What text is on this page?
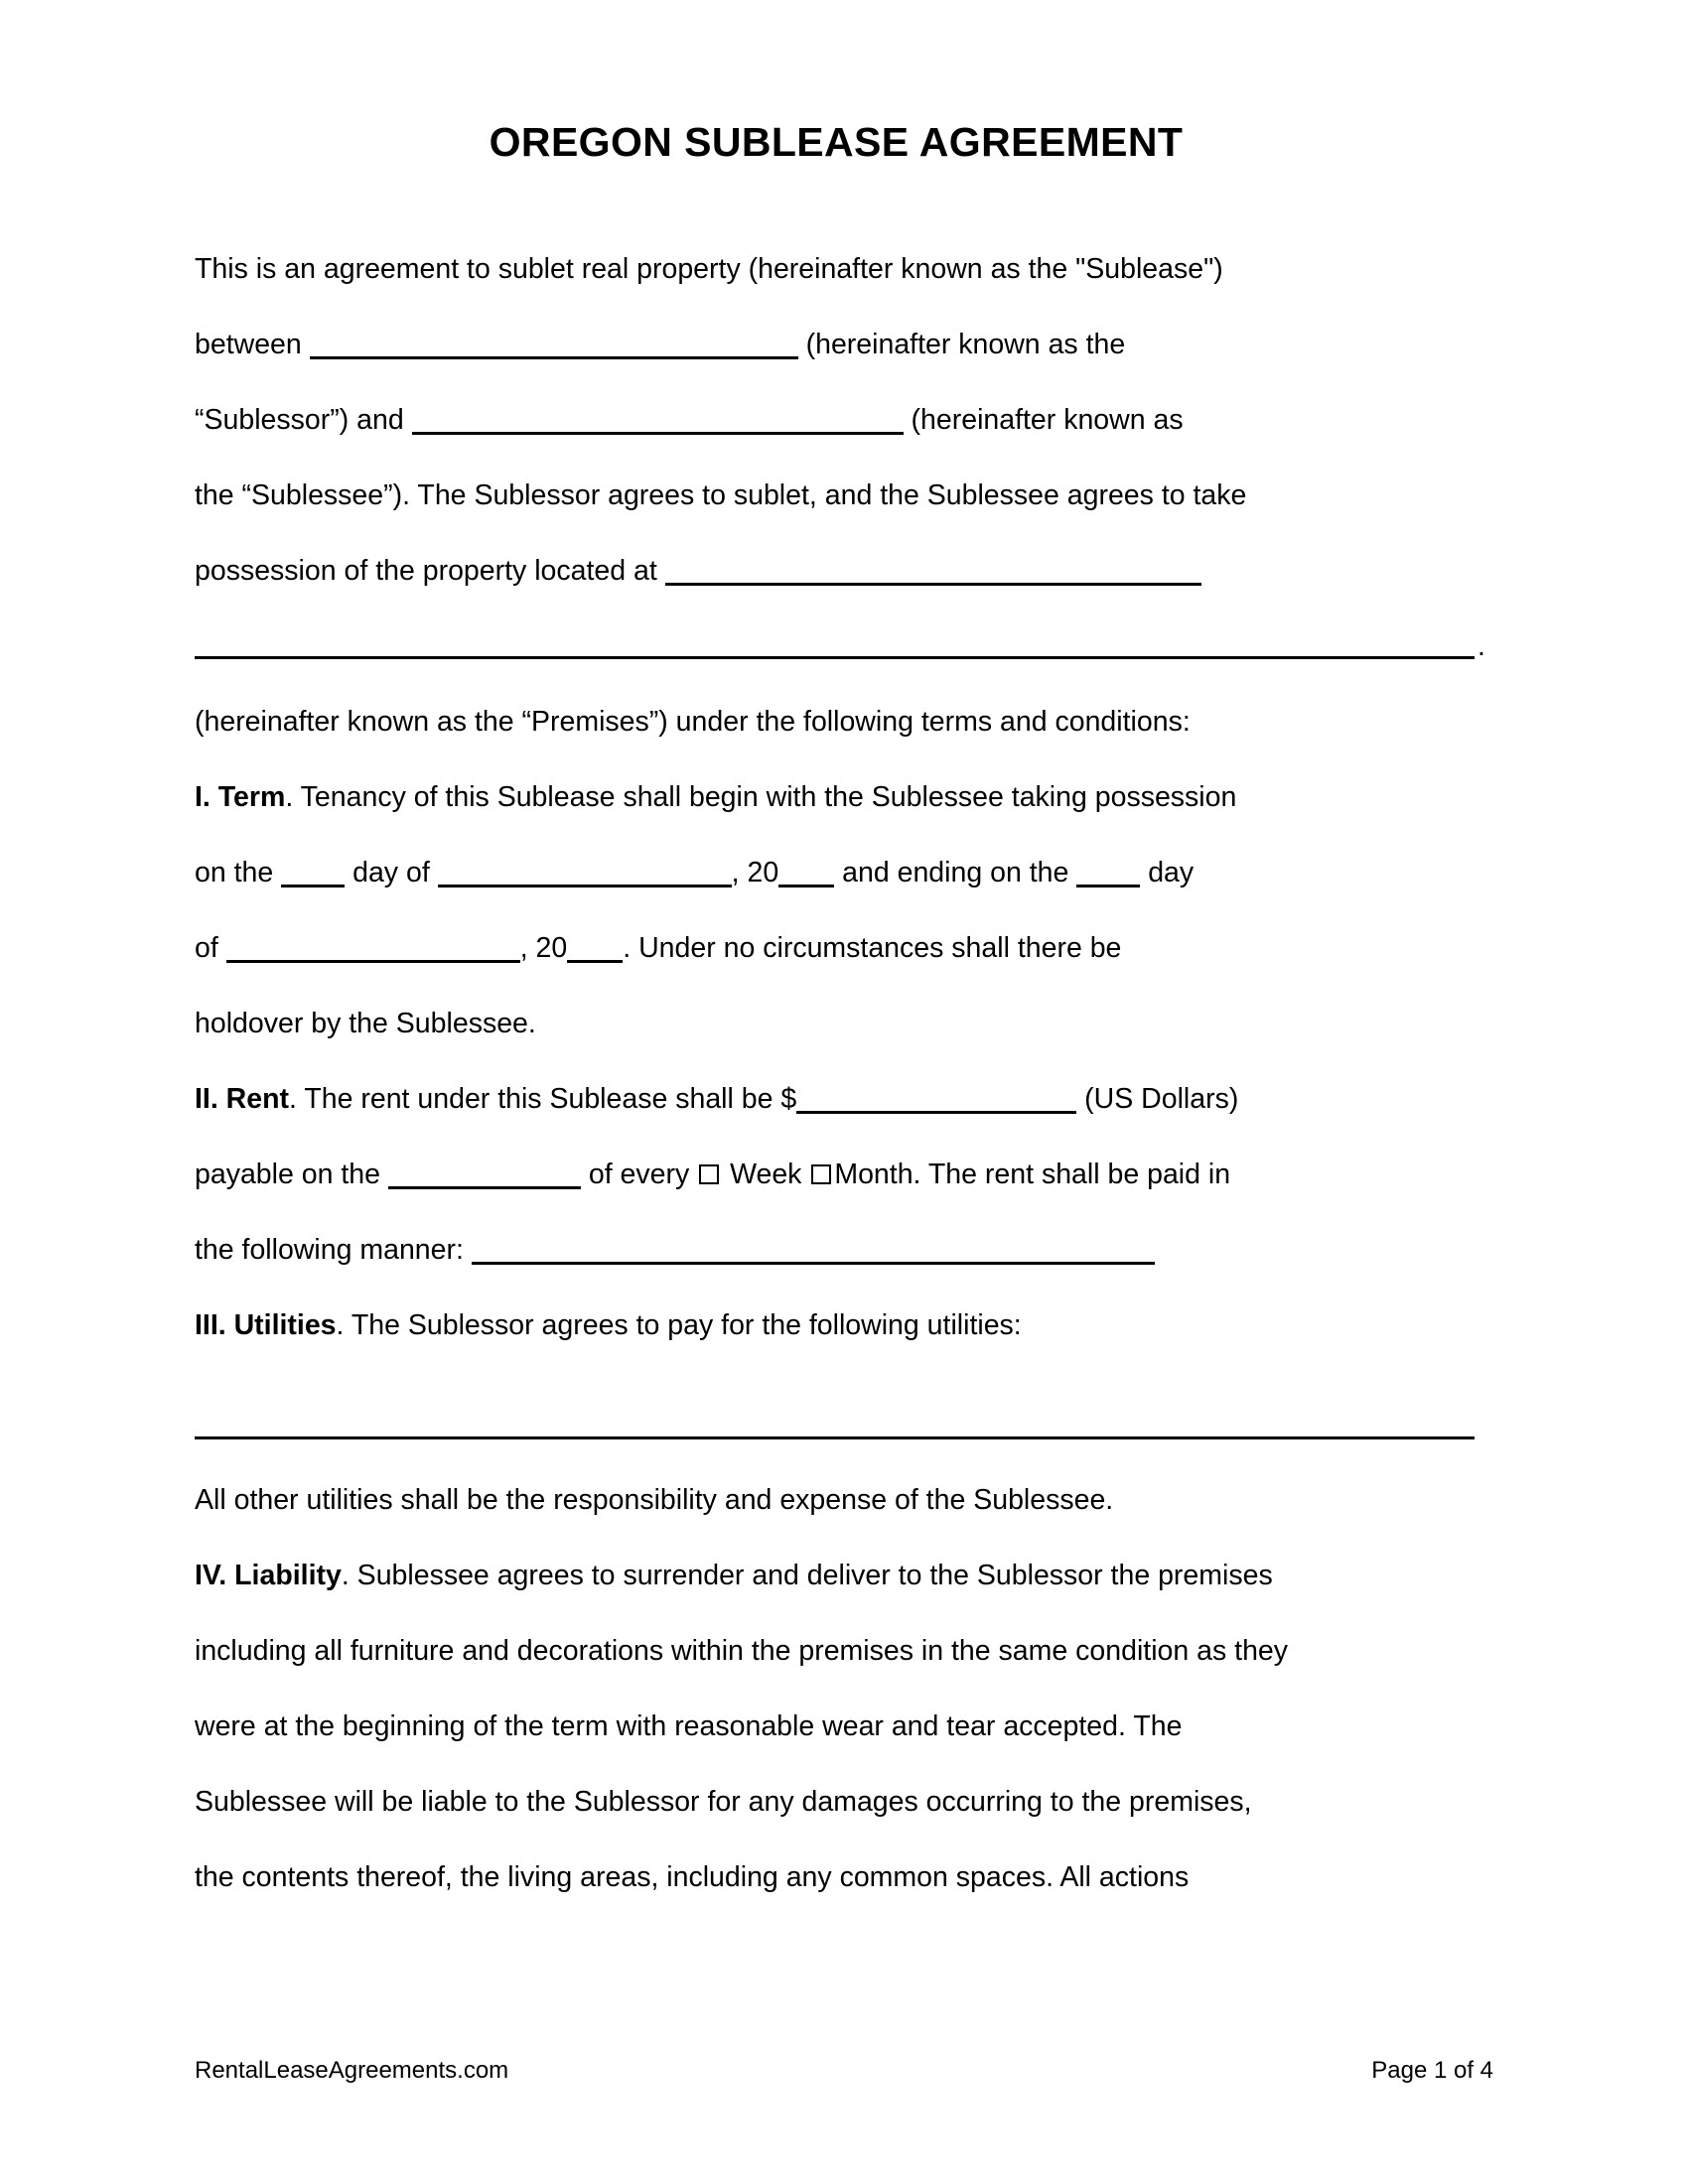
OREGON SUBLEASE AGREEMENT

This is an agreement to sublet real property (hereinafter known as the "Sublease")

between	(hereinafter known as the

“Sublessor”) and	(hereinafter known as

the “Sublessee”). The Sublessor agrees to sublet, and the Sublessee agrees to take

possession of the property located at

.

(hereinafter known as the “Premises”) under the following terms and conditions:

I. Term. Tenancy of this Sublease shall begin with the Sublessee taking possession

on the	day of	, 20 and ending on the	day

of	, 20 . Under no circumstances shall there be

holdover by the Sublessee.

II. Rent. The rent under this Sublease shall be $	(US Dollars)

payable on the	of every Week Month. The rent shall be paid in

the following manner:

III. Utilities. The Sublessor agrees to pay for the following utilities:

All other utilities shall be the responsibility and expense of the Sublessee.

IV. Liability. Sublessee agrees to surrender and deliver to the Sublessor the premises

including all furniture and decorations within the premises in the same condition as they

were at the beginning of the term with reasonable wear and tear accepted. The

Sublessee will be liable to the Sublessor for any damages occurring to the premises,

the contents thereof, the living areas, including any common spaces. All actions

RentalLeaseAgreements.com	Page 1 of 4
